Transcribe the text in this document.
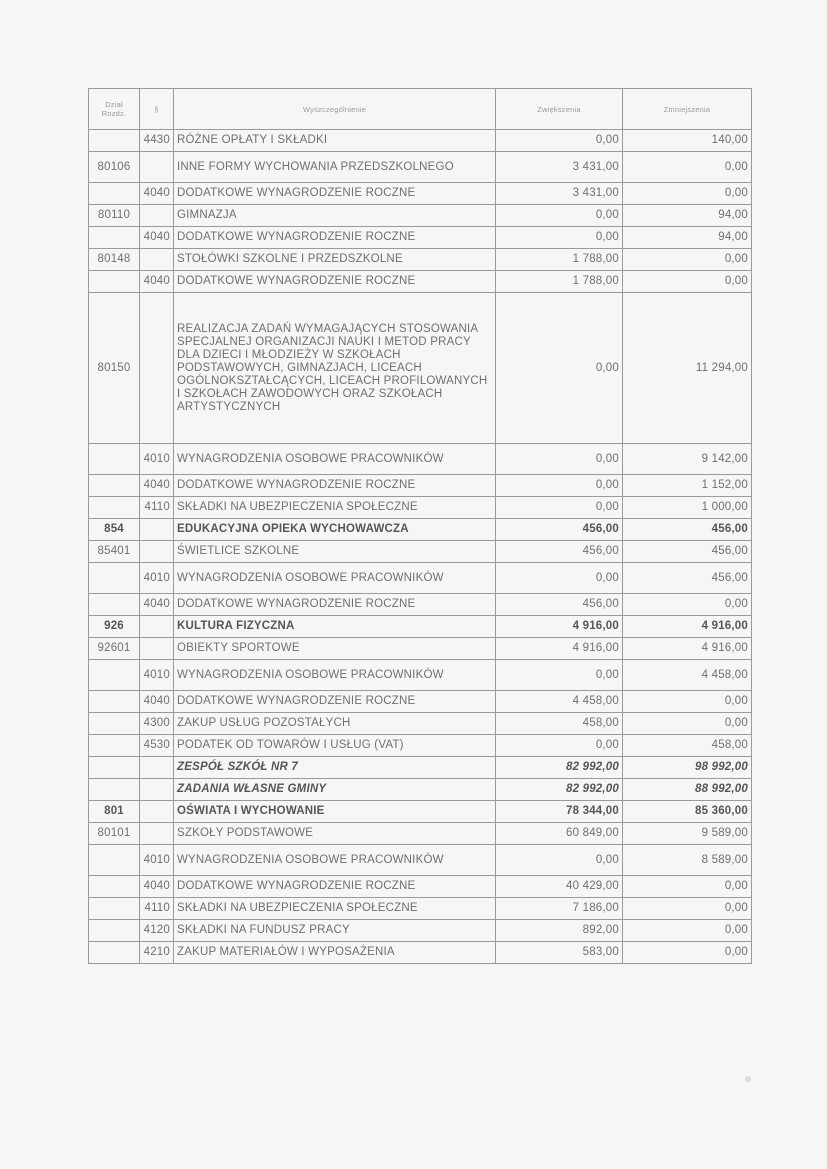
Dział Rozdz.	§	Wyszczególnienie	Zwiększenia	Zmniejszenia
	4430	RÓŻNE OPŁATY I SKŁADKI	0,00	140,00
80106		INNE FORMY WYCHOWANIA PRZEDSZKOLNEGO	3 431,00	0,00
	4040	DODATKOWE WYNAGRODZENIE ROCZNE	3 431,00	0,00
80110		GIMNAZJA	0,00	94,00
	4040	DODATKOWE WYNAGRODZENIE ROCZNE	0,00	94,00
80148		STOŁÓWKI SZKOLNE I PRZEDSZKOLNE	1 788,00	0,00
	4040	DODATKOWE WYNAGRODZENIE ROCZNE	1 788,00	0,00
80150		REALIZACJA ZADAŃ WYMAGAJĄCYCH STOSOWANIA SPECJALNEJ ORGANIZACJI NAUKI I METOD PRACY DLA DZIECI I MŁODZIEŻY W SZKOŁACH PODSTAWOWYCH, GIMNAZJACH, LICEACH OGÓLNOKSZTAŁCĄCYCH, LICEACH PROFILOWANYCH I SZKOŁACH ZAWODOWYCH ORAZ SZKOŁACH ARTYSTYCZNYCH	0,00	11 294,00
	4010	WYNAGRODZENIA OSOBOWE PRACOWNIKÓW	0,00	9 142,00
	4040	DODATKOWE WYNAGRODZENIE ROCZNE	0,00	1 152,00
	4110	SKŁADKI NA UBEZPIECZENIA SPOŁECZNE	0,00	1 000,00
854		EDUKACYJNA OPIEKA WYCHOWAWCZA	456,00	456,00
85401		ŚWIETLICE SZKOLNE	456,00	456,00
	4010	WYNAGRODZENIA OSOBOWE PRACOWNIKÓW	0,00	456,00
	4040	DODATKOWE WYNAGRODZENIE ROCZNE	456,00	0,00
926		KULTURA FIZYCZNA	4 916,00	4 916,00
92601		OBIEKTY SPORTOWE	4 916,00	4 916,00
	4010	WYNAGRODZENIA OSOBOWE PRACOWNIKÓW	0,00	4 458,00
	4040	DODATKOWE WYNAGRODZENIE ROCZNE	4 458,00	0,00
	4300	ZAKUP USŁUG POZOSTAŁYCH	458,00	0,00
	4530	PODATEK OD TOWARÓW I USŁUG (VAT)	0,00	458,00
		ZESPÓŁ SZKÓŁ NR 7	82 992,00	98 992,00
		ZADANIA WŁASNE GMINY	82 992,00	88 992,00
801		OŚWIATA I WYCHOWANIE	78 344,00	85 360,00
80101		SZKOŁY PODSTAWOWE	60 849,00	9 589,00
	4010	WYNAGRODZENIA OSOBOWE PRACOWNIKÓW	0,00	8 589,00
	4040	DODATKOWE WYNAGRODZENIE ROCZNE	40 429,00	0,00
	4110	SKŁADKI NA UBEZPIECZENIA SPOŁECZNE	7 186,00	0,00
	4120	SKŁADKI NA FUNDUSZ PRACY	892,00	0,00
	4210	ZAKUP MATERIAŁÓW I WYPOSAŻENIA	583,00	0,00
